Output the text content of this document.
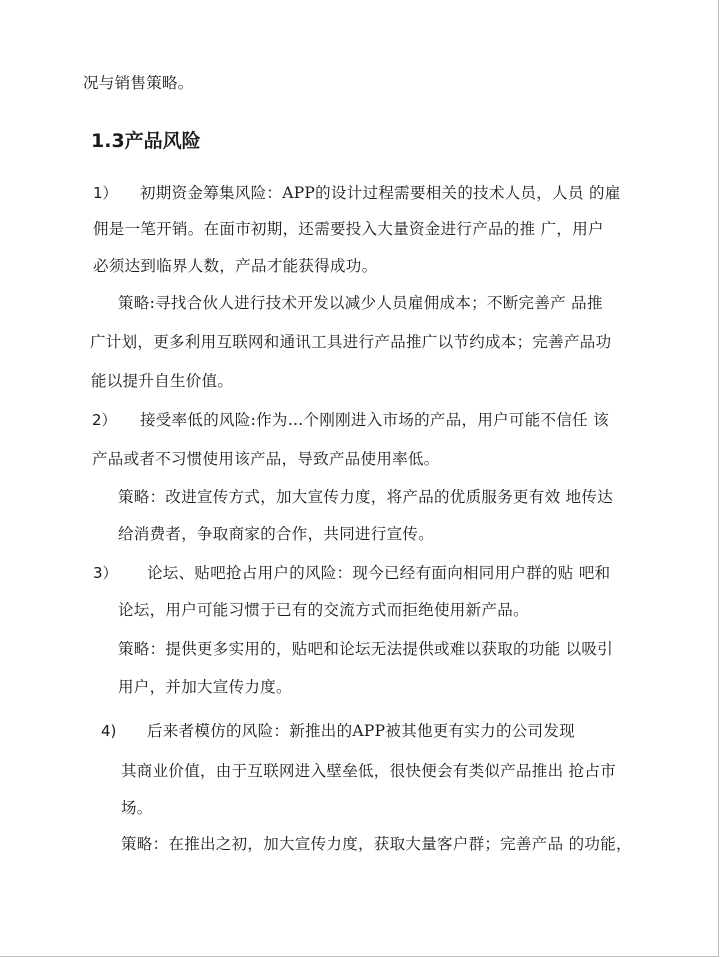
况与销售策略。
1.3产品风险
1） 初期资金筹集风险：APP的设计过程需要相关的技术人员，人员 的雇
佣是一笔开销。在面市初期，还需要投入大量资金进行产品的推 广，用户
必须达到临界人数，产品才能获得成功。
策略:寻找合伙人进行技术开发以减少人员雇佣成本；不断完善产 品推
广计划，更多利用互联网和通讯工具进行产品推广以节约成本；完善产品功
能以提升自生价值。
2） 接受率低的风险:作为…个刚刚进入市场的产品，用户可能不信任 该
产品或者不习惯使用该产品，导致产品使用率低。
策略：改进宣传方式，加大宣传力度，将产品的优质服务更有效 地传达
给消费者，争取商家的合作，共同进行宣传。
3） 论坛、贴吧抢占用户的风险：现今已经有面向相同用户群的贴 吧和
论坛，用户可能习惯于已有的交流方式而拒绝使用新产品。
策略：提供更多实用的，贴吧和论坛无法提供或难以获取的功能 以吸引
用户，并加大宣传力度。
4) 后来者模仿的风险：新推出的APP被其他更有实力的公司发现
其商业价值，由于互联网进入壁垒低，很快便会有类似产品推出 抢占市
场。
策略：在推出之初，加大宣传力度，获取大量客户群；完善产品 的功能，
